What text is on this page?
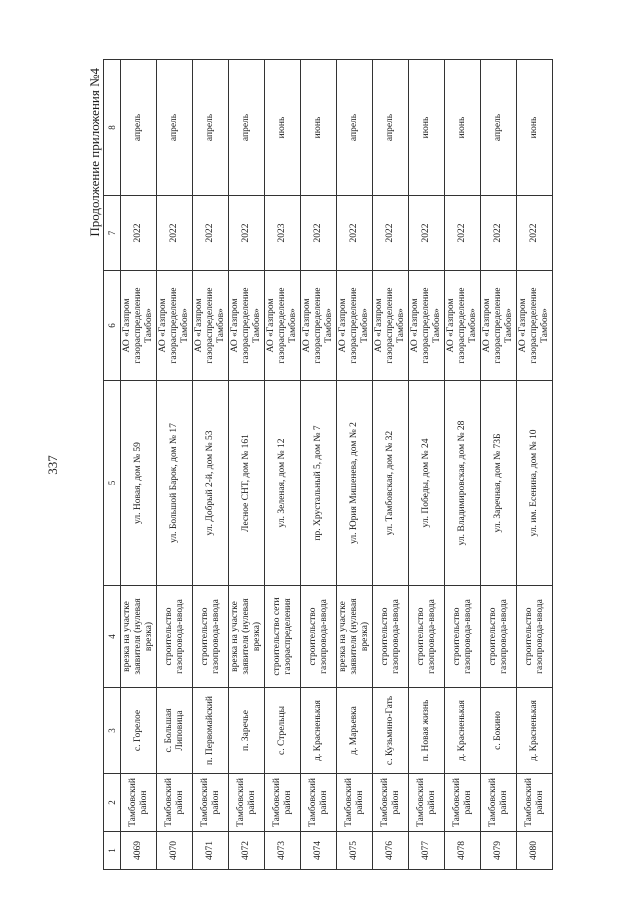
337
Продолжение приложения №4
1	2	3	4	5	6	7	8
4069	Тамбовский район	с. Горелое	врезка на участке заявителя (нулевая врезка)	ул. Новая, дом № 59	АО «Газпром газораспределение Тамбов»	2022	апрель
4070	Тамбовский район	с. Большая Липовица	строительство газопровода-ввода	ул. Большой Барок, дом № 17	АО «Газпром газораспределение Тамбов»	2022	апрель
4071	Тамбовский район	п. Первомайский	строительство газопровода-ввода	ул. Добрый 2-й, дом № 53	АО «Газпром газораспределение Тамбов»	2022	апрель
4072	Тамбовский район	п. Заречье	врезка на участке заявителя (нулевая врезка)	Лесное СНТ, дом № 161	АО «Газпром газораспределение Тамбов»	2022	апрель
4073	Тамбовский район	с. Стрельцы	строительство сети газораспределения	ул. Зеленая, дом № 12	АО «Газпром газораспределение Тамбов»	2023	июнь
4074	Тамбовский район	д. Красненькая	строительство газопровода-ввода	пр. Хрустальный 5, дом № 7	АО «Газпром газораспределение Тамбов»	2022	июнь
4075	Тамбовский район	д. Марьевка	врезка на участке заявителя (нулевая врезка)	ул. Юрия Мишенева, дом № 2	АО «Газпром газораспределение Тамбов»	2022	апрель
4076	Тамбовский район	с. Кузьмино-Гать	строительство газопровода-ввода	ул. Тамбовская, дом № 32	АО «Газпром газораспределение Тамбов»	2022	апрель
4077	Тамбовский район	п. Новая жизнь	строительство газопровода-ввода	ул. Победы, дом № 24	АО «Газпром газораспределение Тамбов»	2022	июнь
4078	Тамбовский район	д. Красненькая	строительство газопровода-ввода	ул. Владимировская, дом № 28	АО «Газпром газораспределение Тамбов»	2022	июнь
4079	Тамбовский район	с. Бокино	строительство газопровода-ввода	ул. Заречная, дом № 73Б	АО «Газпром газораспределение Тамбов»	2022	апрель
4080	Тамбовский район	д. Красненькая	строительство газопровода-ввода	ул. им. Есенина, дом № 10	АО «Газпром газораспределение Тамбов»	2022	июнь
